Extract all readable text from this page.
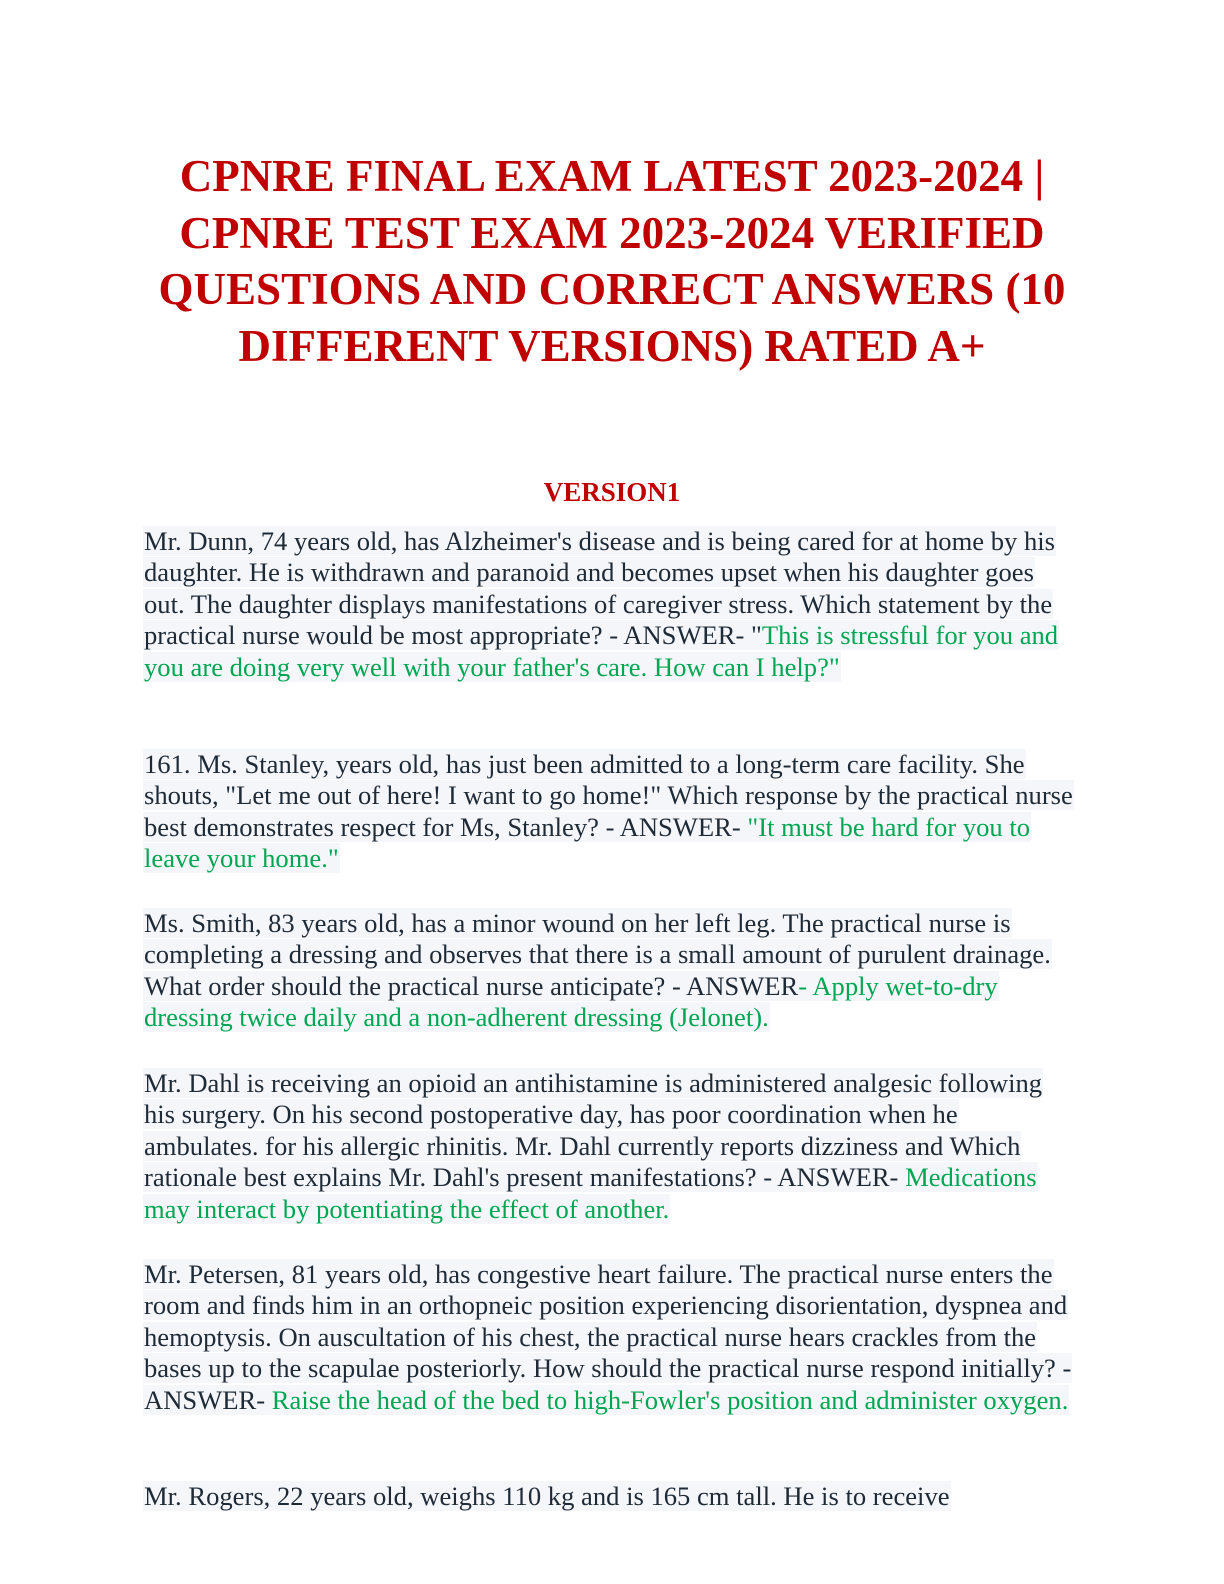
CPNRE FINAL EXAM LATEST 2023-2024 | CPNRE TEST EXAM 2023-2024 VERIFIED QUESTIONS AND CORRECT ANSWERS (10 DIFFERENT VERSIONS) RATED A+
VERSION1

Mr. Dunn, 74 years old, has Alzheimer's disease and is being cared for at home by his daughter. He is withdrawn and paranoid and becomes upset when his daughter goes out. The daughter displays manifestations of caregiver stress. Which statement by the practical nurse would be most appropriate? - ANSWER- "This is stressful for you and you are doing very well with your father's care. How can I help?"

161. Ms. Stanley, years old, has just been admitted to a long-term care facility. She shouts, "Let me out of here! I want to go home!" Which response by the practical nurse best demonstrates respect for Ms, Stanley? - ANSWER- "It must be hard for you to leave your home."

Ms. Smith, 83 years old, has a minor wound on her left leg. The practical nurse is completing a dressing and observes that there is a small amount of purulent drainage. What order should the practical nurse anticipate? - ANSWER- Apply wet-to-dry dressing twice daily and a non-adherent dressing (Jelonet).

Mr. Dahl is receiving an opioid an antihistamine is administered analgesic following his surgery. On his second postoperative day, has poor coordination when he ambulates. for his allergic rhinitis. Mr. Dahl currently reports dizziness and Which rationale best explains Mr. Dahl's present manifestations? - ANSWER- Medications may interact by potentiating the effect of another.

Mr. Petersen, 81 years old, has congestive heart failure. The practical nurse enters the room and finds him in an orthopneic position experiencing disorientation, dyspnea and hemoptysis. On auscultation of his chest, the practical nurse hears crackles from the bases up to the scapulae posteriorly. How should the practical nurse respond initially? - ANSWER- Raise the head of the bed to high-Fowler's position and administer oxygen.

Mr. Rogers, 22 years old, weighs 110 kg and is 165 cm tall. He is to receive
